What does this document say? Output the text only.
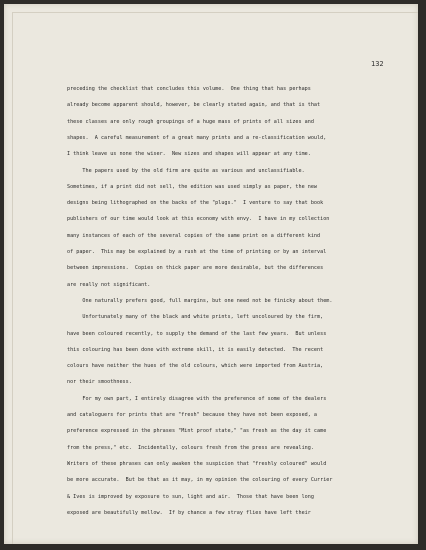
132
preceding the checklist that concludes this volume.  One thing that has perhaps
already become apparent should, however, be clearly stated again, and that is that
these classes are only rough groupings of a huge mass of prints of all sizes and
shapes.  A careful measurement of a great many prints and a re-classification would,
I think leave us none the wiser.  New sizes and shapes will appear at any time.
The papers used by the old firm are quite as various and unclassifiable.
Sometimes, if a print did not sell, the edition was used simply as paper, the new
designs being lithographed on the backs of the "plugs."  I venture to say that book
publishers of our time would look at this economy with envy.  I have in my collection
many instances of each of the several copies of the same print on a different kind
of paper.  This may be explained by a rush at the time of printing or by an interval
between impressions.  Copies on thick paper are more desirable, but the differences
are really not significant.
One naturally prefers good, full margins, but one need not be finicky about them.
Unfortunately many of the black and white prints, left uncoloured by the firm,
have been coloured recently, to supply the demand of the last few years.  But unless
this colouring has been done with extreme skill, it is easily detected.  The recent
colours have neither the hues of the old colours, which were imported from Austria,
nor their smoothness.
For my own part, I entirely disagree with the preference of some of the dealers
and cataloguers for prints that are "fresh" because they have not been exposed, a
preference expressed in the phrases "Mint proof state," "as fresh as the day it came
from the press," etc.  Incidentally, colours fresh from the press are revealing.
Writers of these phrases can only awaken the suspicion that "freshly coloured" would
be more accurate.  But be that as it may, in my opinion the colouring of every Currier
& Ives is improved by exposure to sun, light and air.  Those that have been long
exposed are beautifully mellow.  If by chance a few stray flies have left their
